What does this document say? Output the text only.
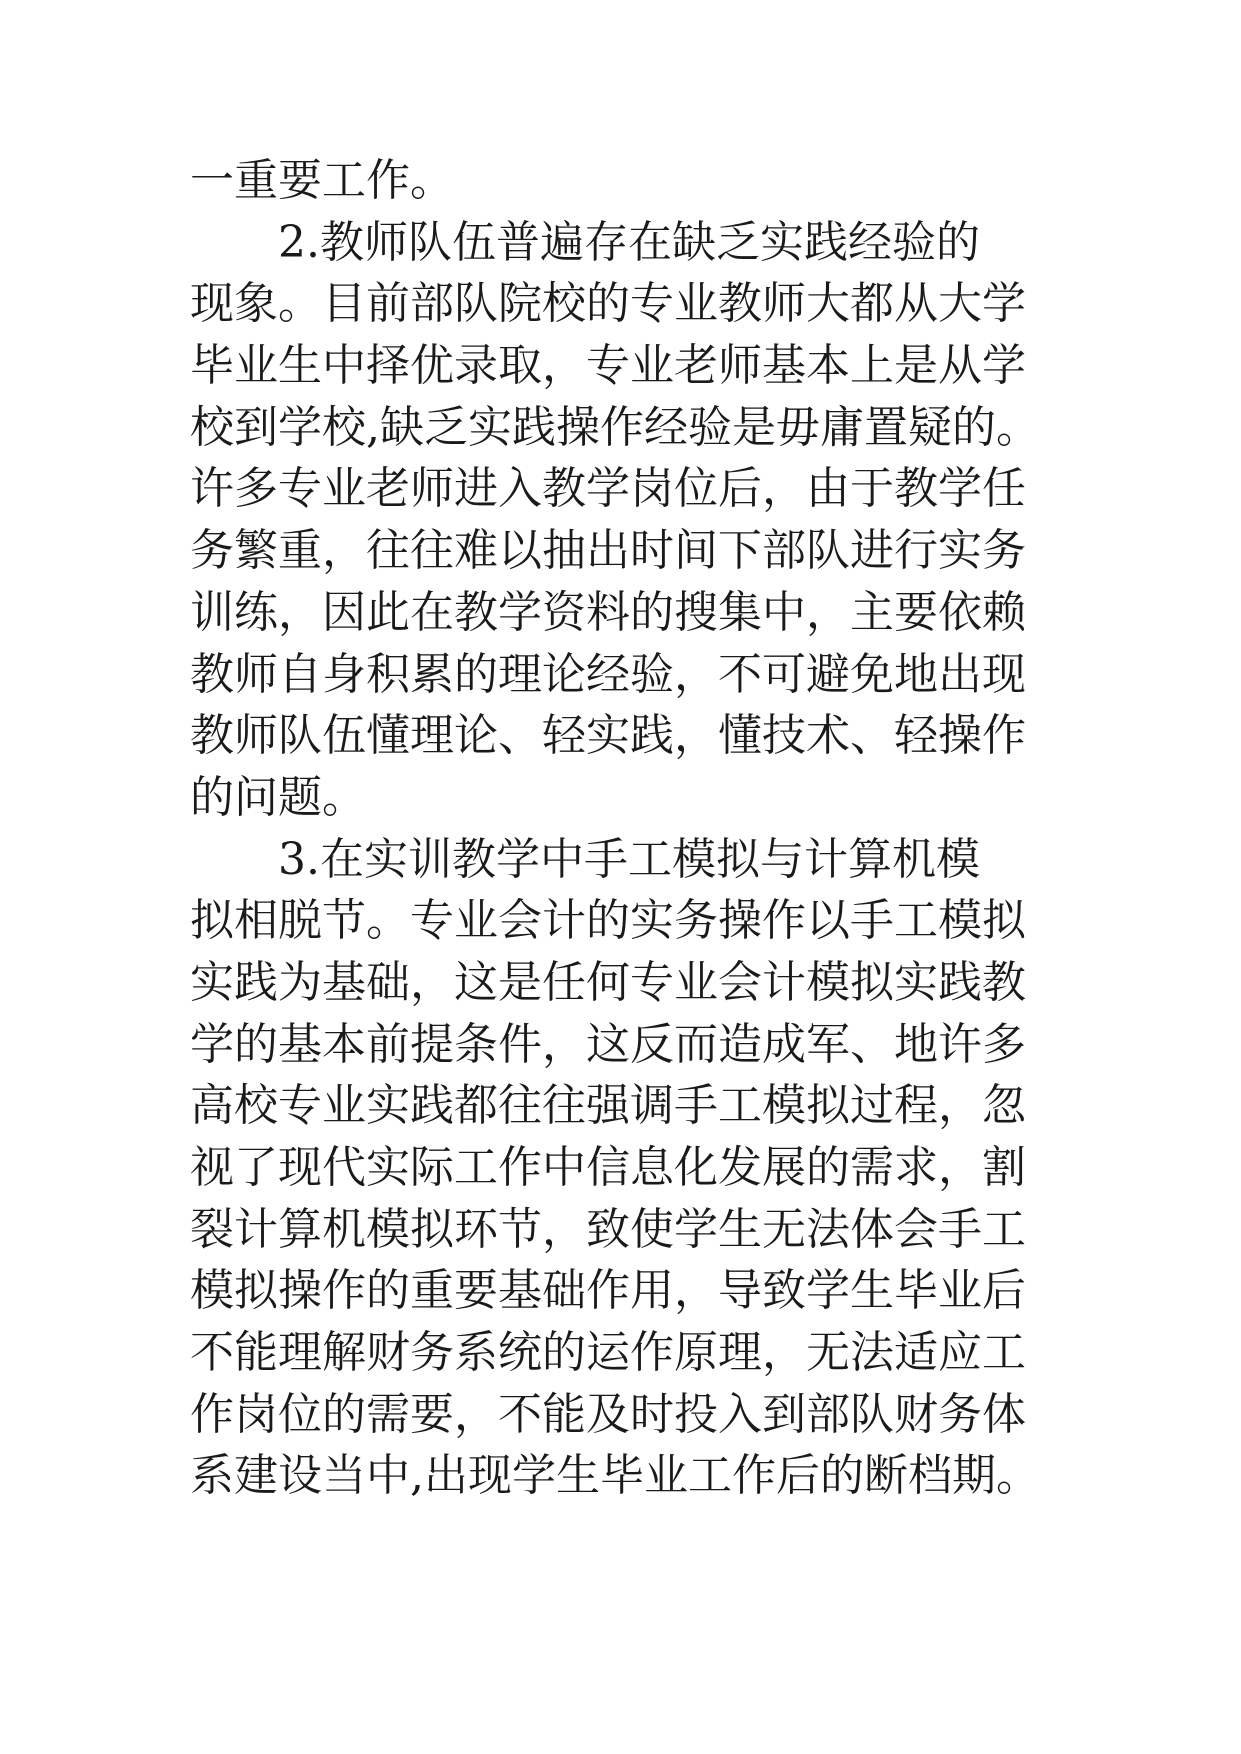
一重要工作。
2.教师队伍普遍存在缺乏实践经验的
现象。目前部队院校的专业教师大都从大学
毕业生中择优录取，专业老师基本上是从学
校到学校,缺乏实践操作经验是毋庸置疑的。
许多专业老师进入教学岗位后，由于教学任
务繁重，往往难以抽出时间下部队进行实务
训练，因此在教学资料的搜集中，主要依赖
教师自身积累的理论经验，不可避免地出现
教师队伍懂理论、轻实践，懂技术、轻操作
的问题。
3.在实训教学中手工模拟与计算机模
拟相脱节。专业会计的实务操作以手工模拟
实践为基础，这是任何专业会计模拟实践教
学的基本前提条件，这反而造成军、地许多
高校专业实践都往往强调手工模拟过程，忽
视了现代实际工作中信息化发展的需求，割
裂计算机模拟环节，致使学生无法体会手工
模拟操作的重要基础作用，导致学生毕业后
不能理解财务系统的运作原理，无法适应工
作岗位的需要，不能及时投入到部队财务体
系建设当中,出现学生毕业工作后的断档期。
